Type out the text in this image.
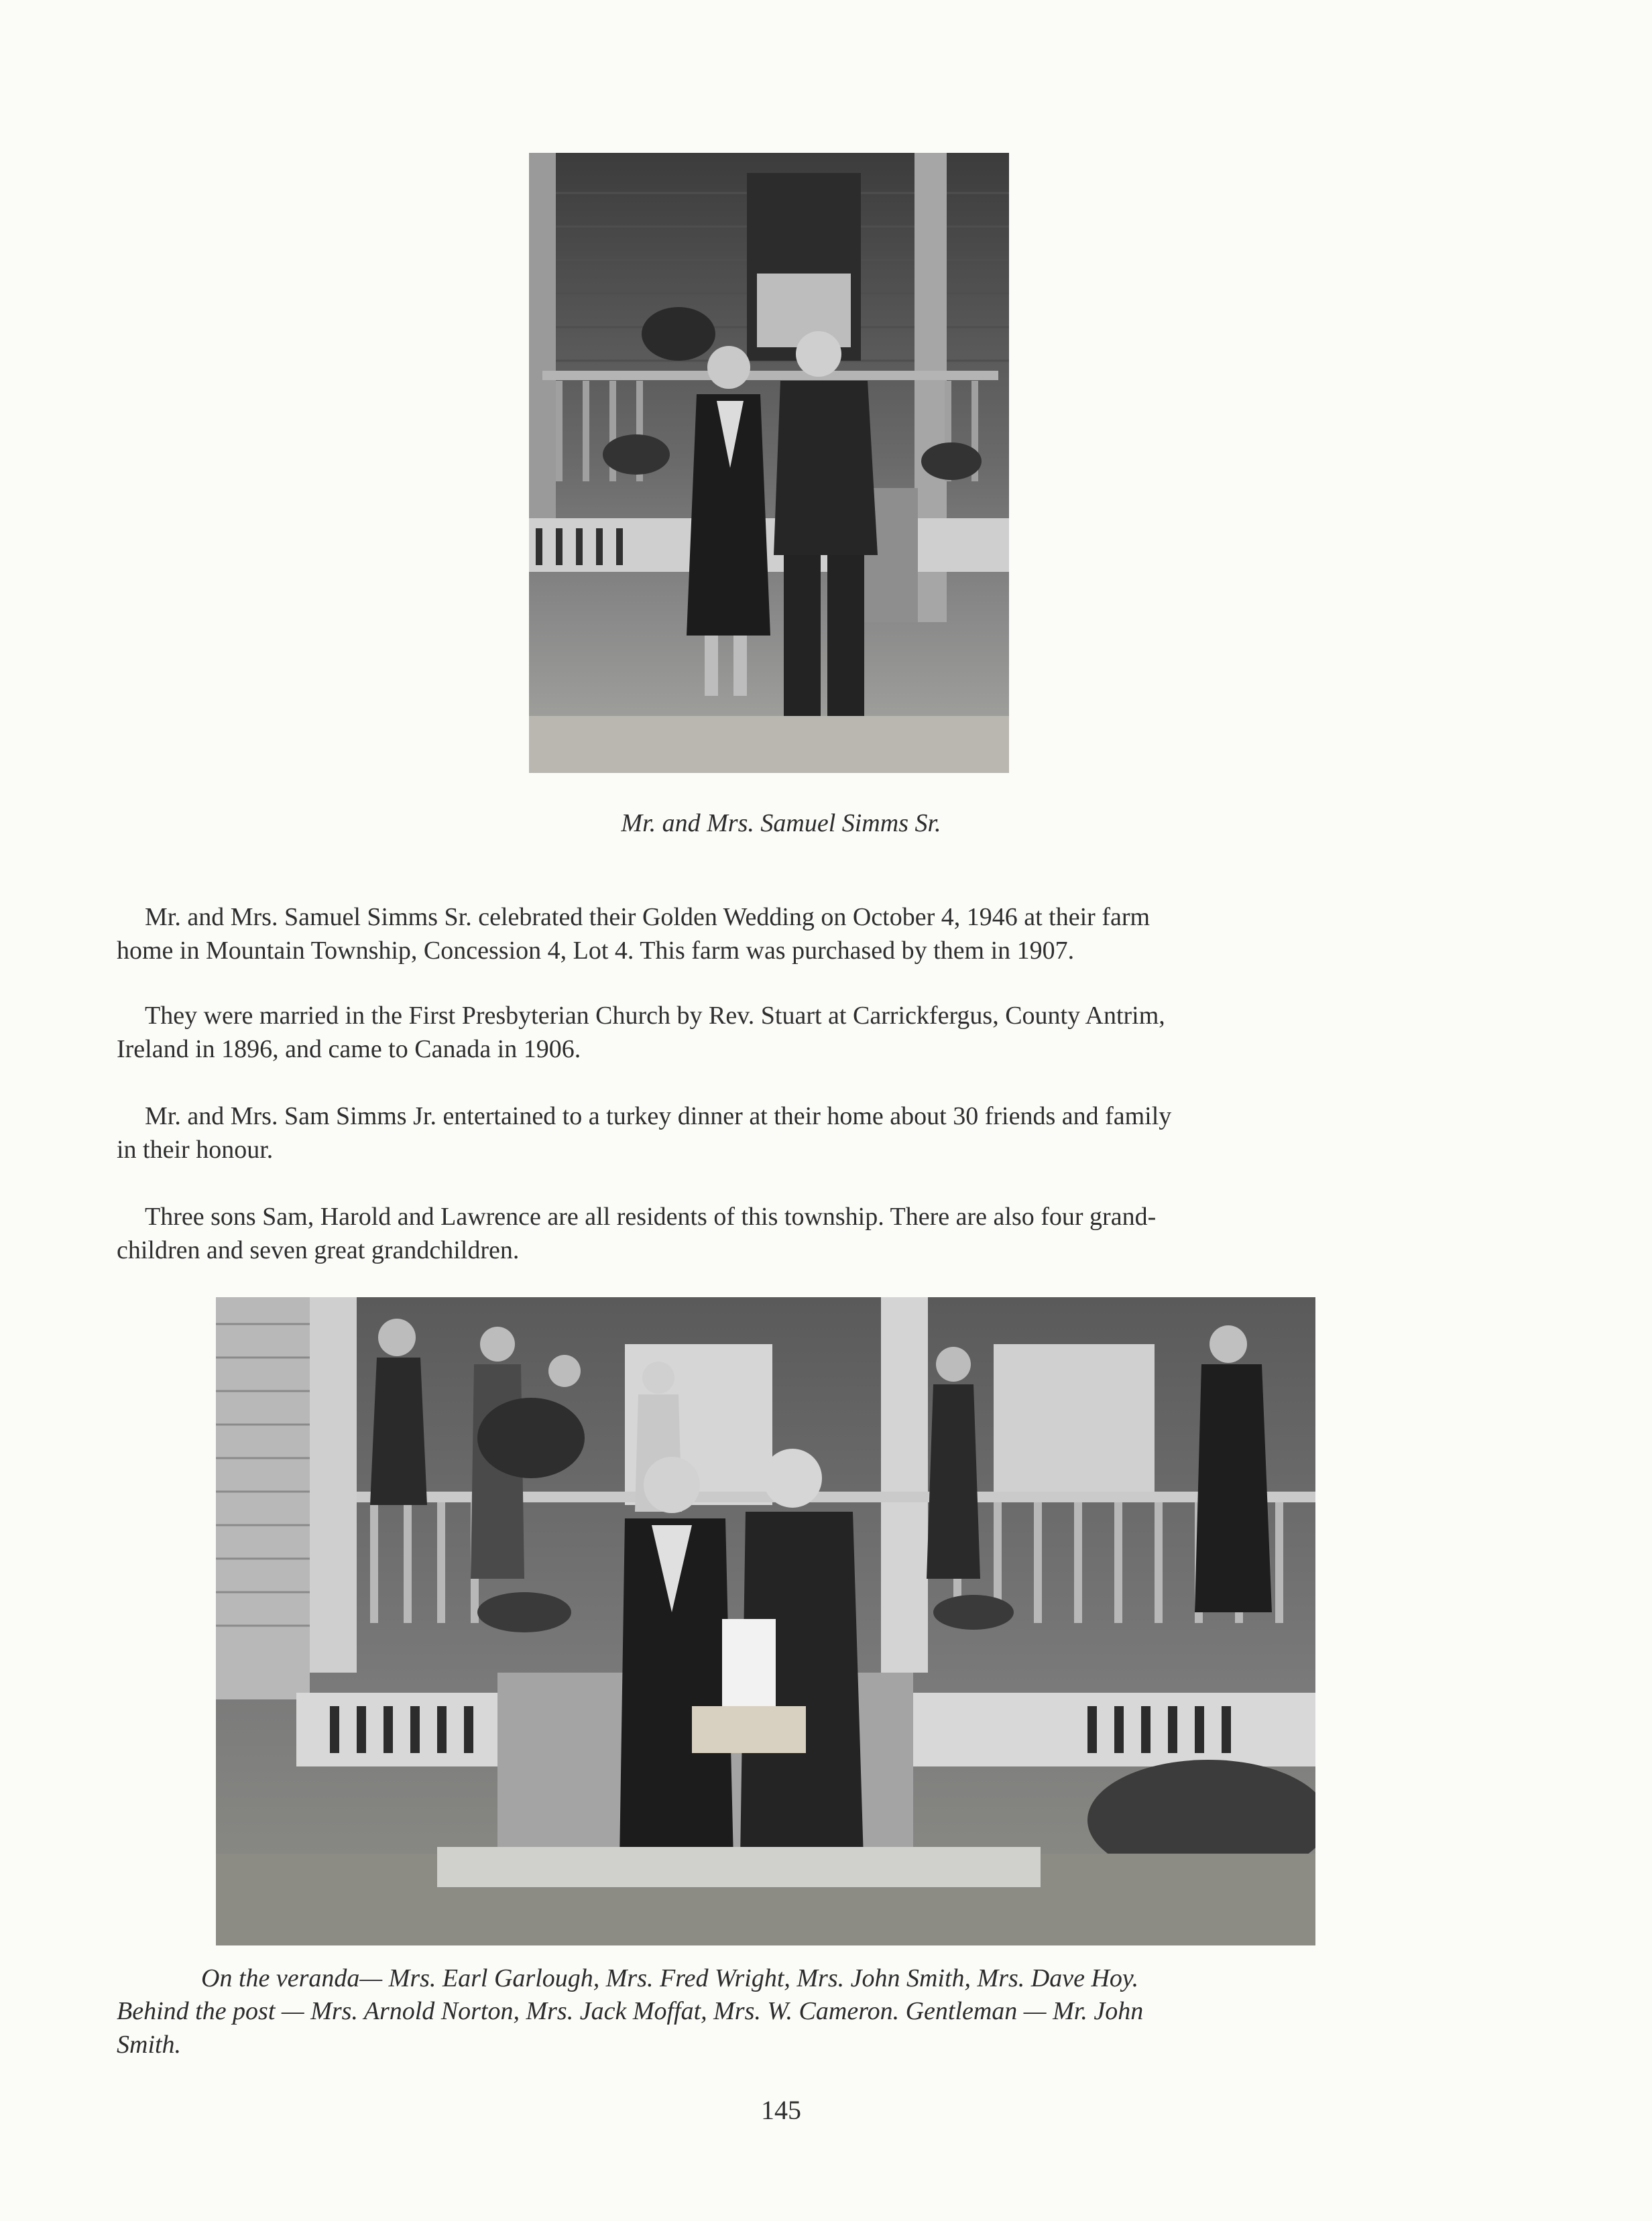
Mr. and Mrs. Samuel Simms Sr.

Mr. and Mrs. Samuel Simms Sr. celebrated their Golden Wedding on October 4, 1946 at their farm
home in Mountain Township, Concession 4, Lot 4. This farm was purchased by them in 1907.

They were married in the First Presbyterian Church by Rev. Stuart at Carrickfergus, County Antrim,
Ireland in 1896, and came to Canada in 1906.

Mr. and Mrs. Sam Simms Jr. entertained to a turkey dinner at their home about 30 friends and family
in their honour.

Three sons Sam, Harold and Lawrence are all residents of this township. There are also four grand-
children and seven great grandchildren.

On the veranda— Mrs. Earl Garlough, Mrs. Fred Wright, Mrs. John Smith, Mrs. Dave Hoy.

Behind the post — Mrs. Arnold Norton, Mrs. Jack Moffat, Mrs. W. Cameron. Gentleman — Mr. John

Smith.

145
